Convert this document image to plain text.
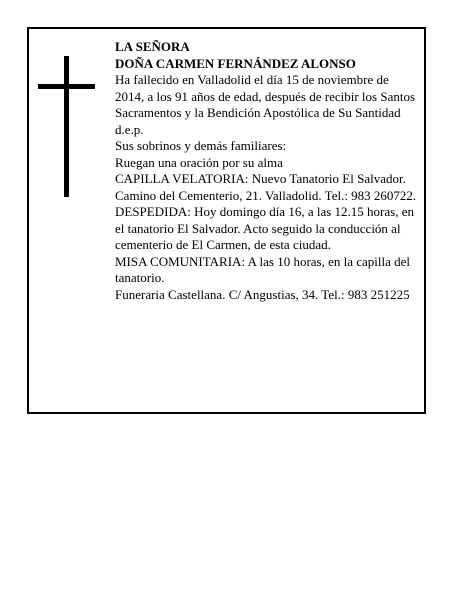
LA SEÑORA

DOÑA CARMEN FERNÁNDEZ ALONSO

Ha fallecido en Valladolid el día 15 de noviembre de 2014, a los 91 años de edad, después de recibir los Santos Sacramentos y la Bendición Apostólica de Su Santidad

d.e.p.

Sus sobrinos y demás familiares:

Ruegan una oración por su alma

CAPILLA VELATORIA: Nuevo Tanatorio El Salvador. Camino del Cementerio, 21. Valladolid. Tel.: 983 260722.

DESPEDIDA: Hoy domingo día 16, a las 12.15 horas, en el tanatorio El Salvador. Acto seguido la conducción al cementerio de El Carmen, de esta ciudad.

MISA COMUNITARIA: A las 10 horas, en la capilla del tanatorio.

Funeraria Castellana. C/ Angustias, 34. Tel.: 983 251225
